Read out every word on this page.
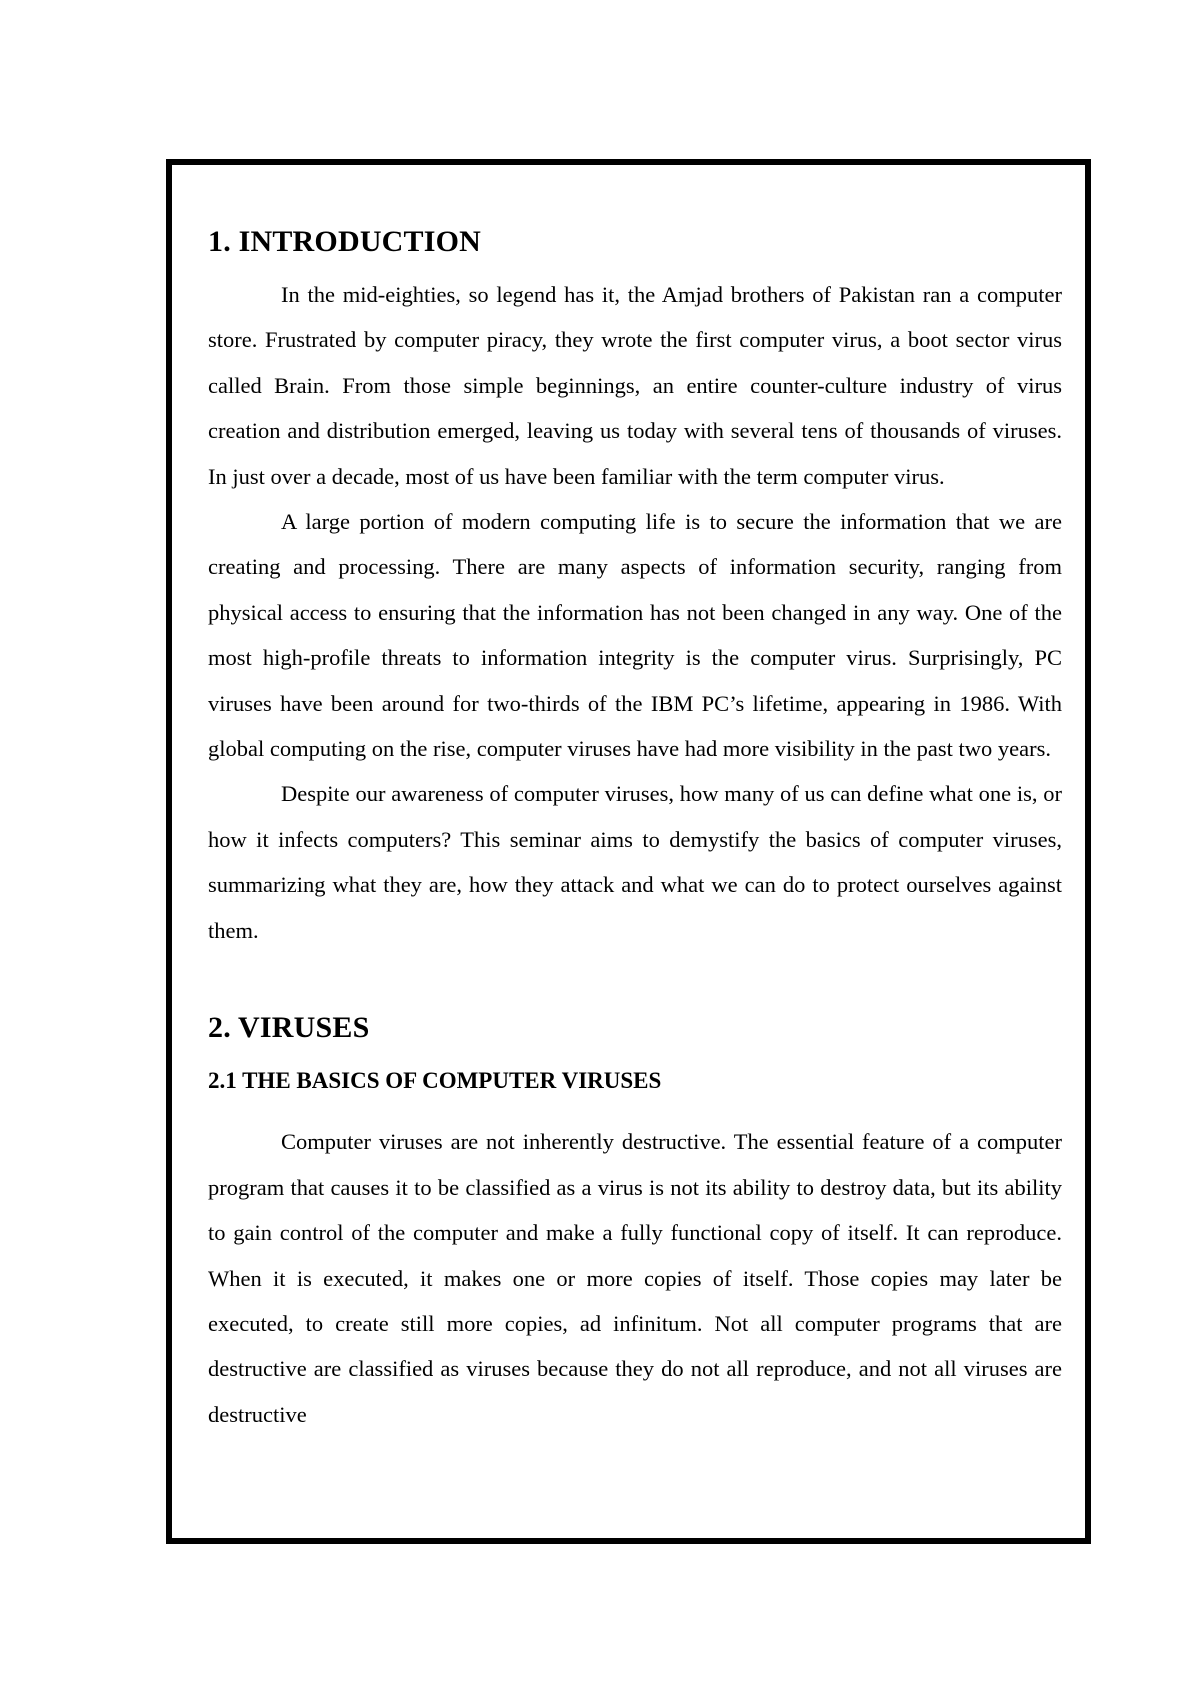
1. INTRODUCTION

In the mid-eighties, so legend has it, the Amjad brothers of Pakistan ran a computer store. Frustrated by computer piracy, they wrote the first computer virus, a boot sector virus called Brain. From those simple beginnings, an entire counter-culture industry of virus creation and distribution emerged, leaving us today with several tens of thousands of viruses. In just over a decade, most of us have been familiar with the term computer virus.

A large portion of modern computing life is to secure the information that we are creating and processing. There are many aspects of information security, ranging from physical access to ensuring that the information has not been changed in any way. One of the most high-profile threats to information integrity is the computer virus. Surprisingly, PC viruses have been around for two-thirds of the IBM PC’s lifetime, appearing in 1986. With global computing on the rise, computer viruses have had more visibility in the past two years.

Despite our awareness of computer viruses, how many of us can define what one is, or how it infects computers? This seminar aims to demystify the basics of computer viruses, summarizing what they are, how they attack and what we can do to protect ourselves against them.

2. VIRUSES
2.1 THE BASICS OF COMPUTER VIRUSES

Computer viruses are not inherently destructive. The essential feature of a computer program that causes it to be classified as a virus is not its ability to destroy data, but its ability to gain control of the computer and make a fully functional copy of itself. It can reproduce. When it is executed, it makes one or more copies of itself. Those copies may later be executed, to create still more copies, ad infinitum. Not all computer programs that are destructive are classified as viruses because they do not all reproduce, and not all viruses are destructive
